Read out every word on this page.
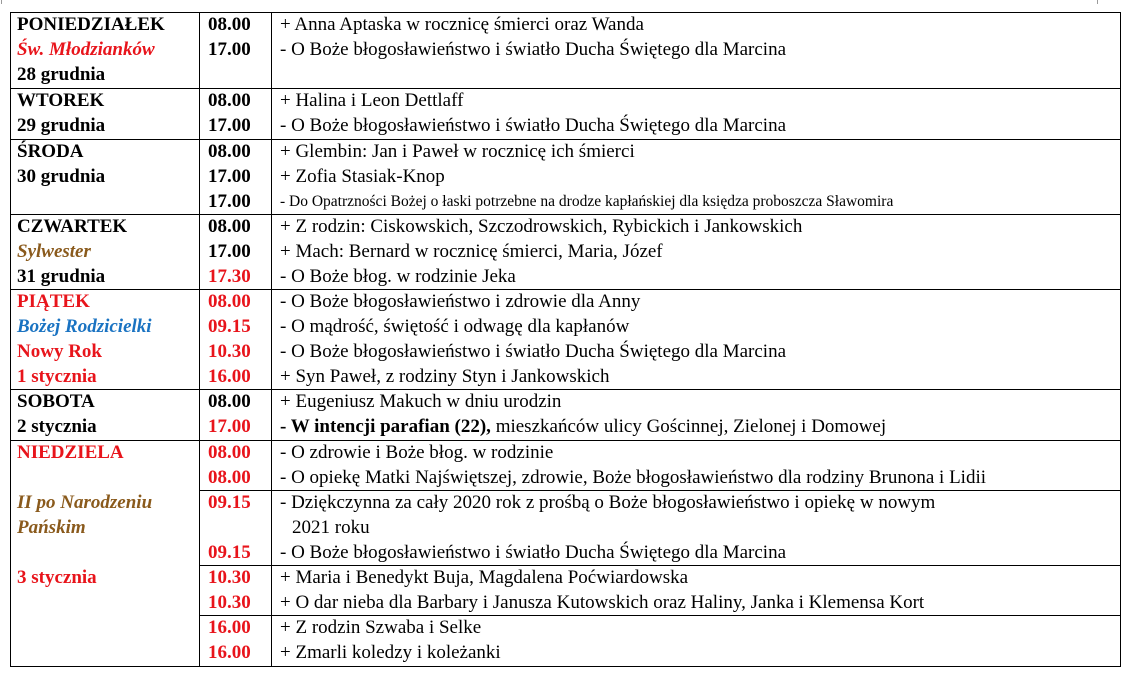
PONIEDZIAŁEK
Św. Młodziankó‌w
28 grudnia
08.00 + Anna Aptaska w rocznicę śmierci oraz Wanda
17.00 - O Boże błogosławieństwo i światło Ducha Świętego dla Marcina
WTOREK
29 grudnia
08.00 + Halina i Leon Dettlaff
17.00 - O Boże błogosławieństwo i światło Ducha Świętego dla Marcina
ŚRODA
30 grudnia
08.00 + Glembin: Jan i Paweł w rocznicę ich śmierci
17.00 + Zofia Stasiak-Knop
17.00 - Do Opatrzności Bożej o łaski potrzebne na drodze kapłańskiej dla księdza proboszcza Sławomira
CZWARTEK
Sylwester
31 grudnia
08.00 + Z rodzin: Ciskowskich, Szczodrowskich, Rybickich i Jankowskich
17.00 + Mach: Bernard w rocznicę śmierci, Maria, Józef
17.30 - O Boże błog. w rodzinie Jeka
PIĄTEK
Bożej Rodzicielki
Nowy Rok
1 stycznia
08.00 - O Boże błogosławieństwo i zdrowie dla Anny
09.15 - O mądrość, świętość i odwagę dla kapłanów
10.30 - O Boże błogosławieństwo i światło Ducha Świętego dla Marcina
16.00 + Syn Paweł, z rodziny Styn i Jankowskich
SOBOTA
2 stycznia
08.00 + Eugeniusz Makuch w dniu urodzin
17.00 - W intencji parafian (22), mieszkańców ulicy Gościnnej, Zielonej i Domowej
NIEDZIELA
II po Narodzeniu
Pańskim
3 stycznia
08.00 - O zdrowie i Boże błog. w rodzinie
08.00 - O opiekę Matki Najświętszej, zdrowie, Boże błogosławieństwo dla rodziny Brunona i Lidii
09.15 - Dziękczynna za cały 2020 rok z prośbą o Boże błogosławieństwo i opiekę w nowym
2021 roku
09.15 - O Boże błogosławieństwo i światło Ducha Świętego dla Marcina
10.30 + Maria i Benedykt Buja, Magdalena Poćwiardowska
10.30 + O dar nieba dla Barbary i Janusza Kutowskich oraz Haliny, Janka i Klemensa Kort
16.00 + Z rodzin Szwaba i Selke
16.00 + Zmarli koledzy i koleżanki
